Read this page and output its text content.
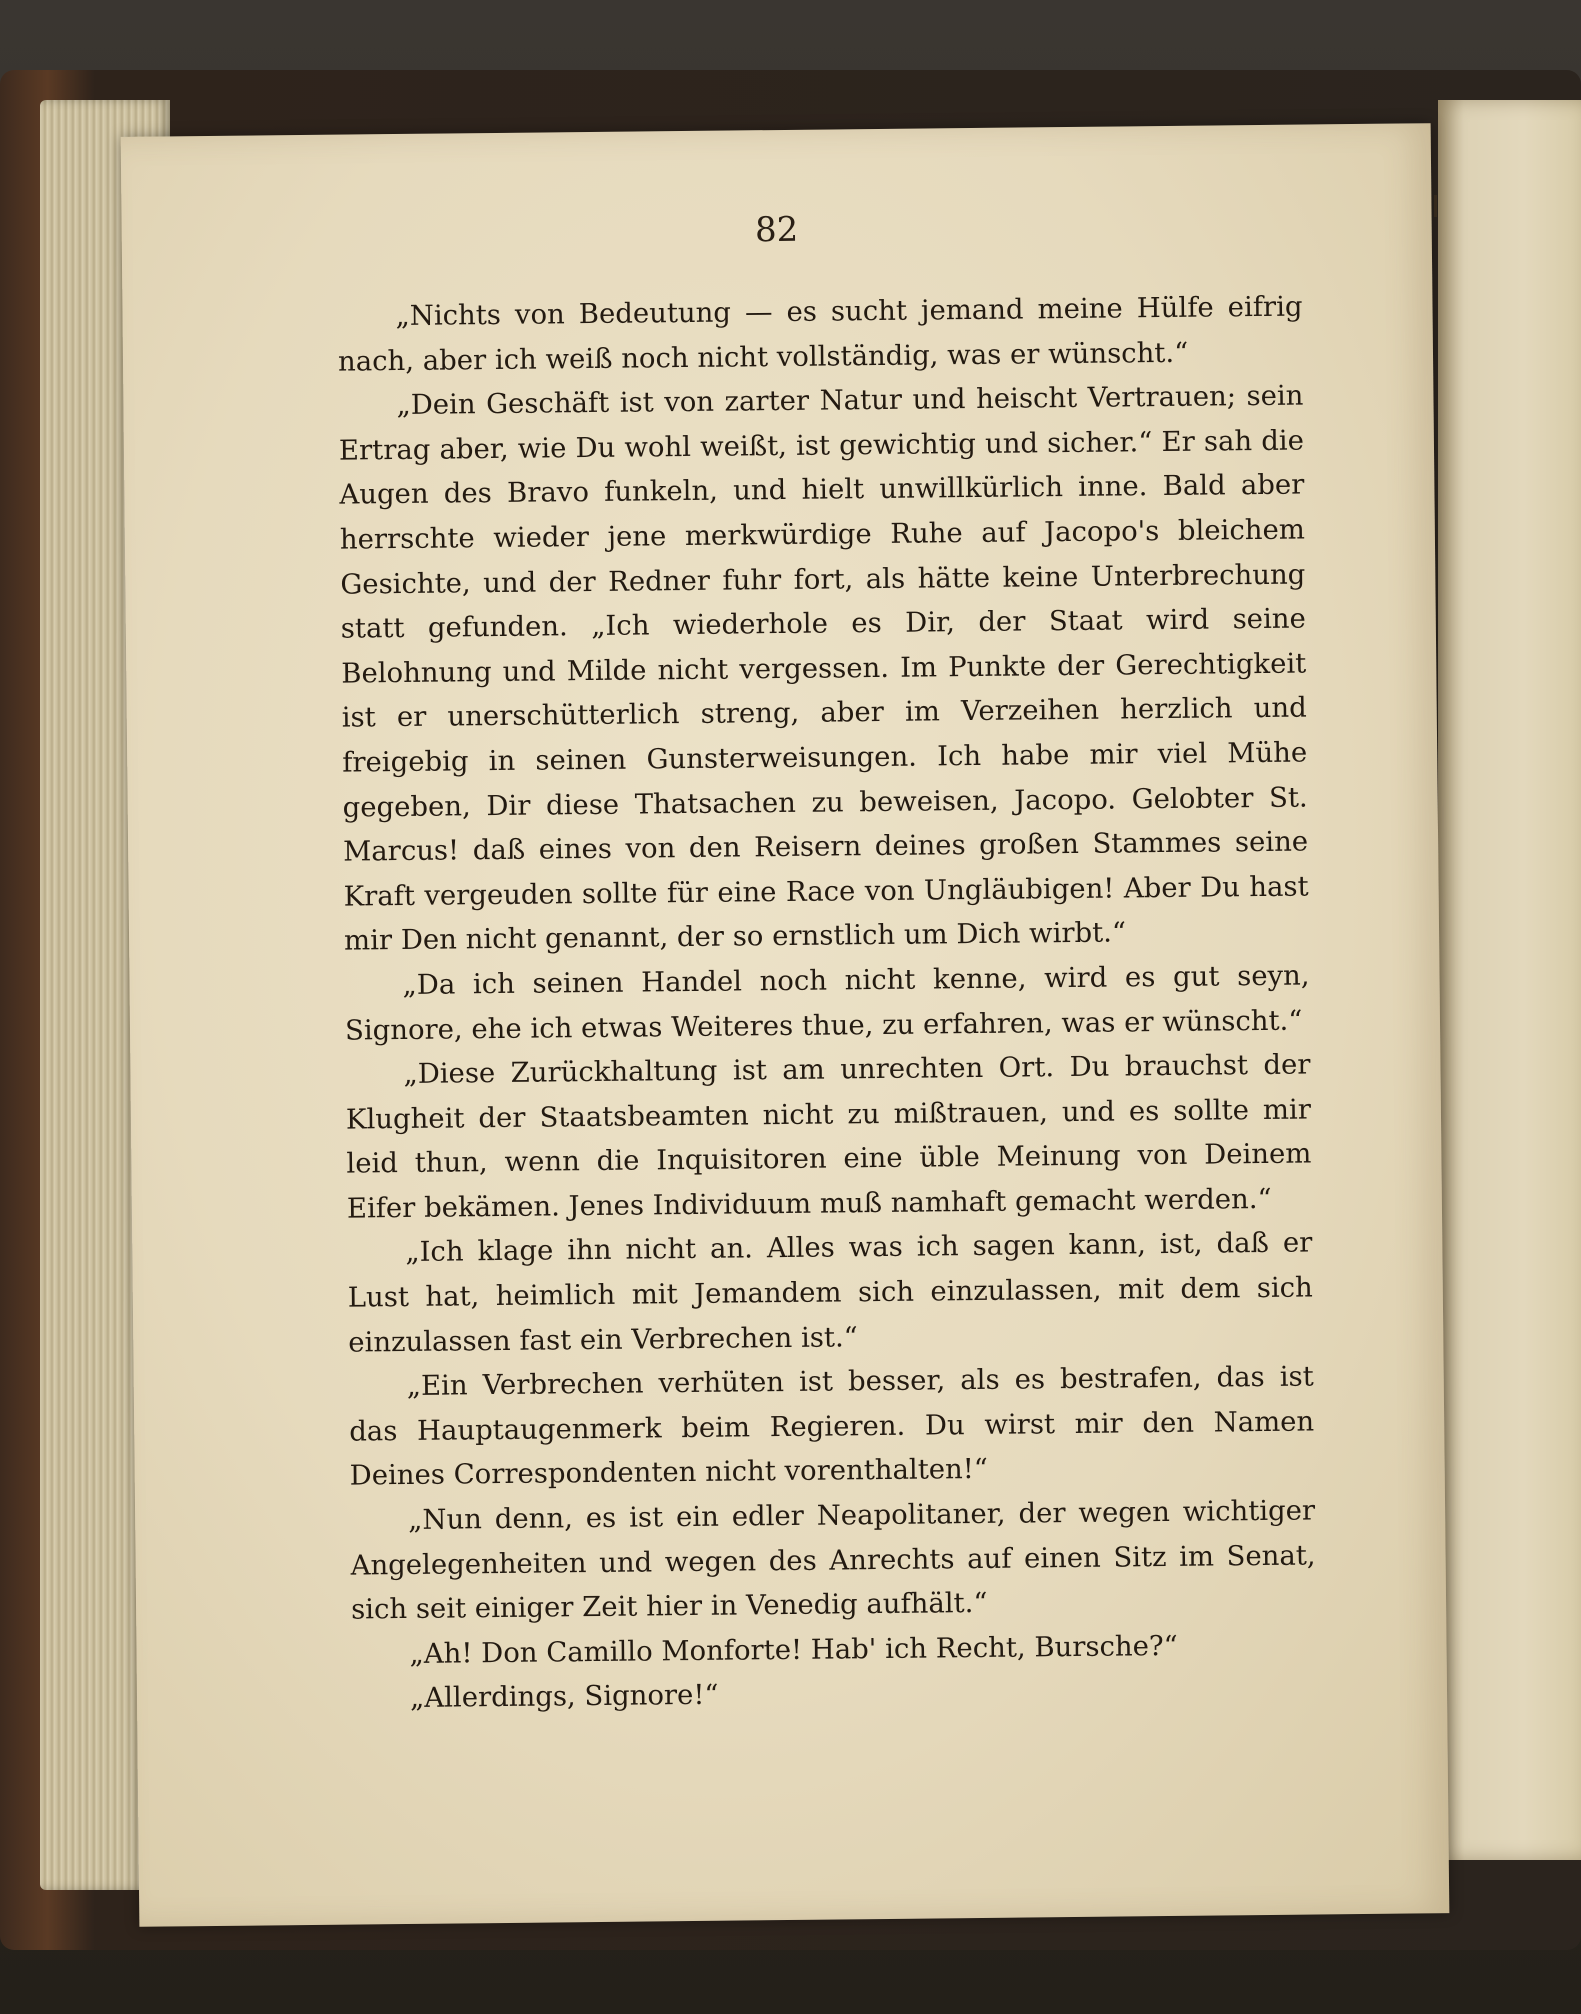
82

„Nichts von Bedeutung — es sucht jemand meine Hülfe eifrig nach, aber ich weiß noch nicht vollständig, was er wünscht.“

„Dein Geschäft ist von zarter Natur und heischt Vertrauen; sein Ertrag aber, wie Du wohl weißt, ist gewichtig und sicher.“ Er sah die Augen des Bravo funkeln, und hielt unwillkürlich inne. Bald aber herrschte wieder jene merkwürdige Ruhe auf Jacopo's bleichem Gesichte, und der Redner fuhr fort, als hätte keine Unterbrechung statt gefunden. „Ich wiederhole es Dir, der Staat wird seine Belohnung und Milde nicht vergessen. Im Punkte der Gerechtigkeit ist er unerschütterlich streng, aber im Verzeihen herzlich und freigebig in seinen Gunsterweisungen. Ich habe mir viel Mühe gegeben, Dir diese Thatsachen zu beweisen, Jacopo. Gelobter St. Marcus! daß eines von den Reisern deines großen Stammes seine Kraft vergeuden sollte für eine Race von Ungläubigen! Aber Du hast mir Den nicht genannt, der so ernstlich um Dich wirbt.“

„Da ich seinen Handel noch nicht kenne, wird es gut seyn, Signore, ehe ich etwas Weiteres thue, zu erfahren, was er wünscht.“

„Diese Zurückhaltung ist am unrechten Ort. Du brauchst der Klugheit der Staatsbeamten nicht zu mißtrauen, und es sollte mir leid thun, wenn die Inquisitoren eine üble Meinung von Deinem Eifer bekämen. Jenes Individuum muß namhaft gemacht werden.“

„Ich klage ihn nicht an. Alles was ich sagen kann, ist, daß er Lust hat, heimlich mit Jemandem sich einzulassen, mit dem sich einzulassen fast ein Verbrechen ist.“

„Ein Verbrechen verhüten ist besser, als es bestrafen, das ist das Hauptaugenmerk beim Regieren. Du wirst mir den Namen Deines Correspondenten nicht vorenthalten!“

„Nun denn, es ist ein edler Neapolitaner, der wegen wichtiger Angelegenheiten und wegen des Anrechts auf einen Sitz im Senat, sich seit einiger Zeit hier in Venedig aufhält.“

„Ah! Don Camillo Monforte! Hab' ich Recht, Bursche?“

„Allerdings, Signore!“
